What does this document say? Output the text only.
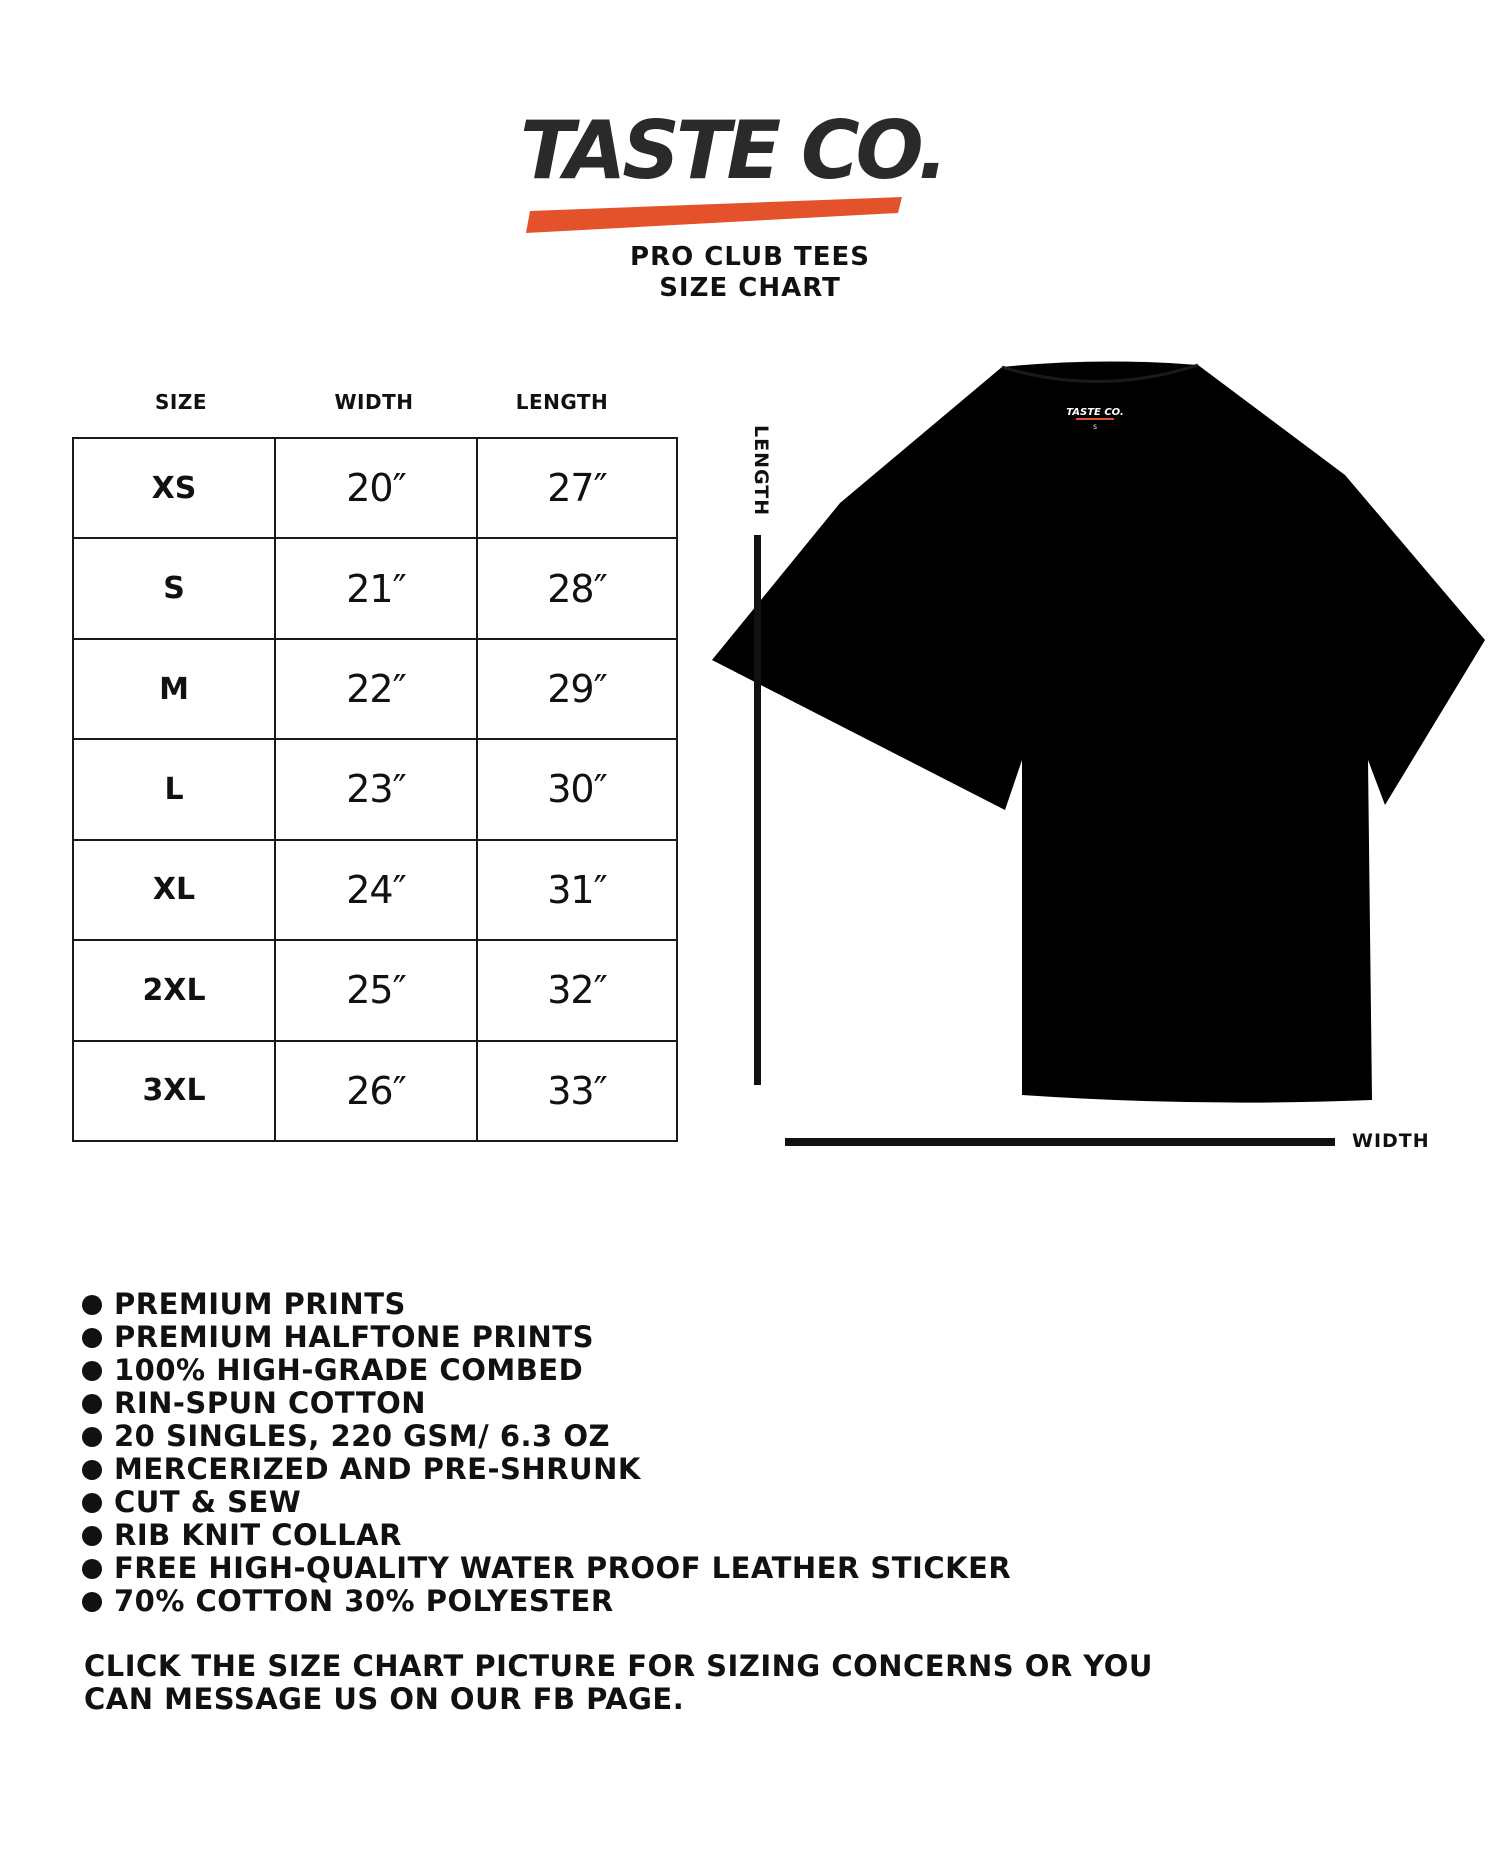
TASTE CO.
PRO CLUB TEES
SIZE CHART
SIZE	WIDTH	LENGTH
XS	20″	27″
S	21″	28″
M	22″	29″
L	23″	30″
XL	24″	31″
2XL	25″	32″
3XL	26″	33″
TASTE CO.
S
LENGTH
WIDTH
PREMIUM PRINTS
PREMIUM HALFTONE PRINTS
100% HIGH-GRADE COMBED
RIN-SPUN COTTON
20 SINGLES, 220 GSM/ 6.3 OZ
MERCERIZED AND PRE-SHRUNK
CUT & SEW
RIB KNIT COLLAR
FREE HIGH-QUALITY WATER PROOF LEATHER STICKER
70% COTTON 30% POLYESTER
CLICK THE SIZE CHART PICTURE FOR SIZING CONCERNS OR YOU
CAN MESSAGE US ON OUR FB PAGE.
